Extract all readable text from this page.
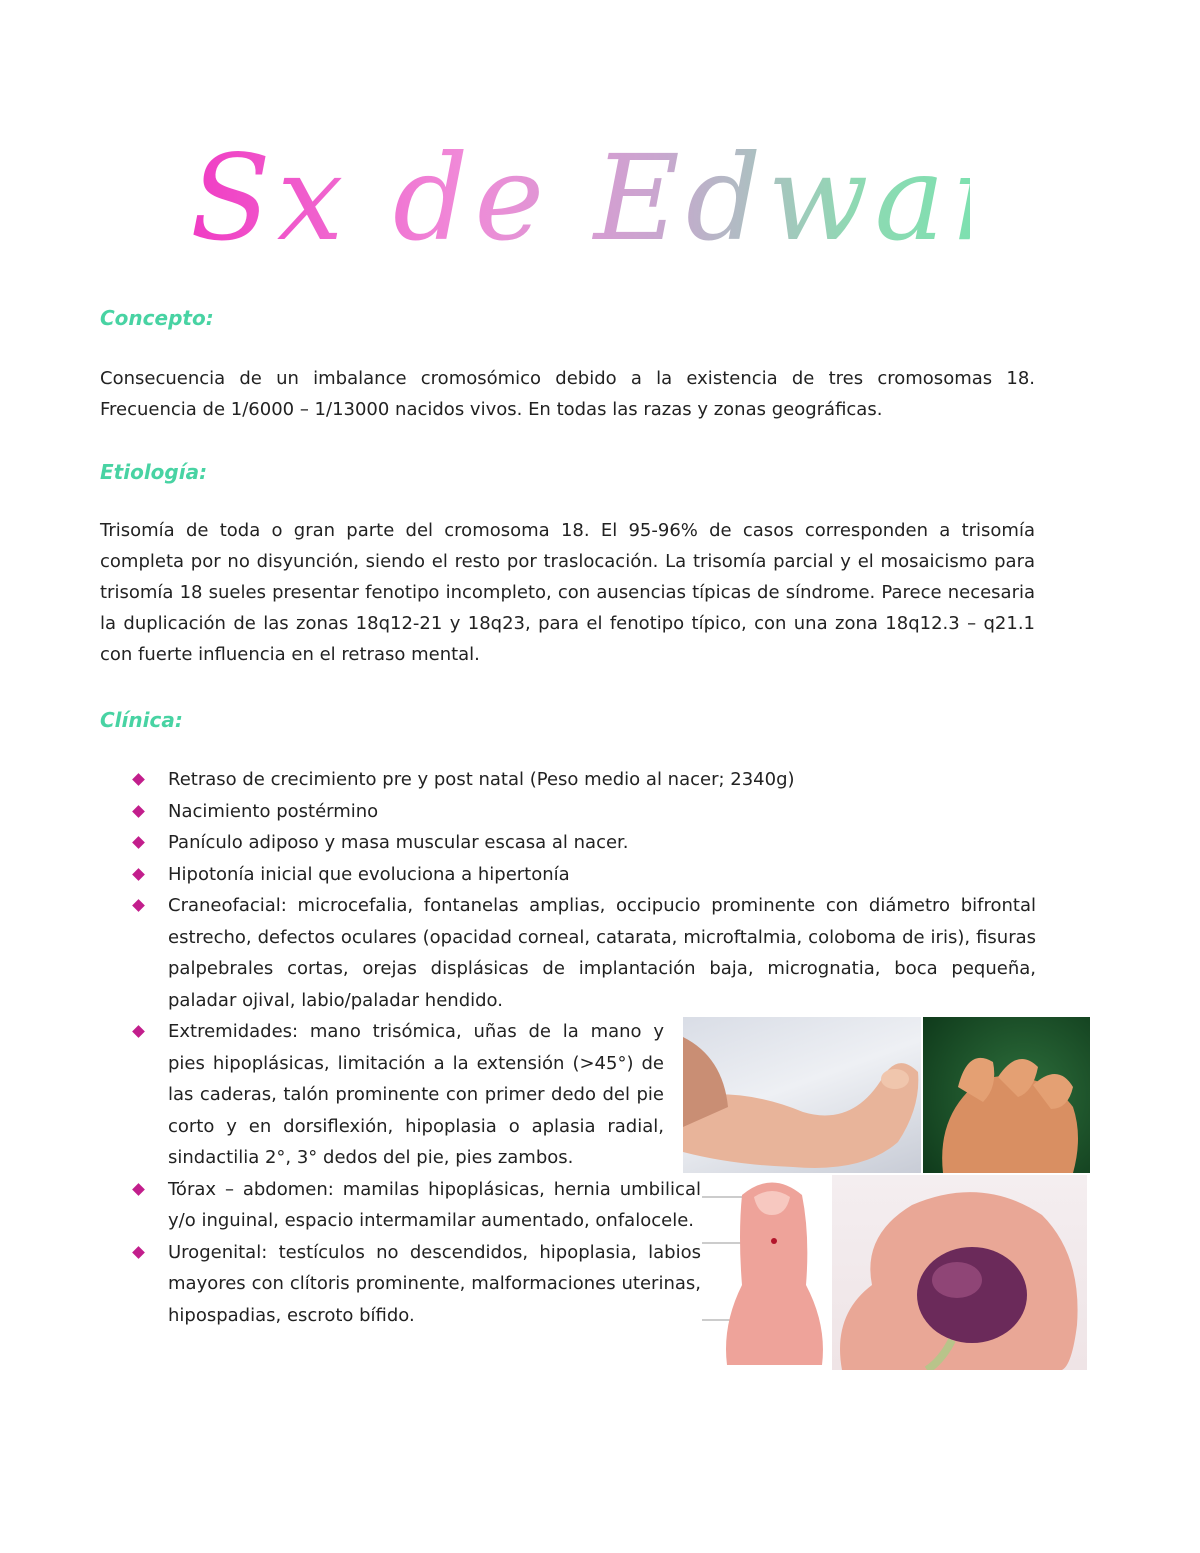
Sx de Edwards
Concepto:
Consecuencia de un imbalance cromosómico debido a la existencia de tres cromosomas 18. Frecuencia de 1/6000 – 1/13000 nacidos vivos. En todas las razas y zonas geográficas.
Etiología:
Trisomía de toda o gran parte del cromosoma 18. El 95-96% de casos corresponden a trisomía completa por no disyunción, siendo el resto por traslocación. La trisomía parcial y el mosaicismo para trisomía 18 sueles presentar fenotipo incompleto, con ausencias típicas de síndrome. Parece necesaria la duplicación de las zonas 18q12-21 y 18q23, para el fenotipo típico, con una zona 18q12.3 – q21.1 con fuerte influencia en el retraso mental.
Clínica:
Retraso de crecimiento pre y post natal (Peso medio al nacer; 2340g)
Nacimiento postérmino
Panículo adiposo y masa muscular escasa al nacer.
Hipotonía inicial que evoluciona a hipertonía
Craneofacial: microcefalia, fontanelas amplias, occipucio prominente con diámetro bifrontal estrecho, defectos oculares (opacidad corneal, catarata, microftalmia, coloboma de iris), fisuras palpebrales cortas, orejas displásicas de implantación baja, micrognatia, boca pequeña, paladar ojival, labio/paladar hendido.
Extremidades: mano trisómica, uñas de la mano y pies hipoplásicas, limitación a la extensión (>45°) de las caderas, talón prominente con primer dedo del pie corto y en dorsiflexión, hipoplasia o aplasia radial, sindactilia 2°, 3° dedos del pie, pies zambos.
Tórax – abdomen: mamilas hipoplásicas, hernia umbilical y/o inguinal, espacio intermamilar aumentado, onfalocele.
Urogenital: testículos no descendidos, hipoplasia, labios mayores con clítoris prominente, malformaciones uterinas, hipospadias, escroto bífido.
